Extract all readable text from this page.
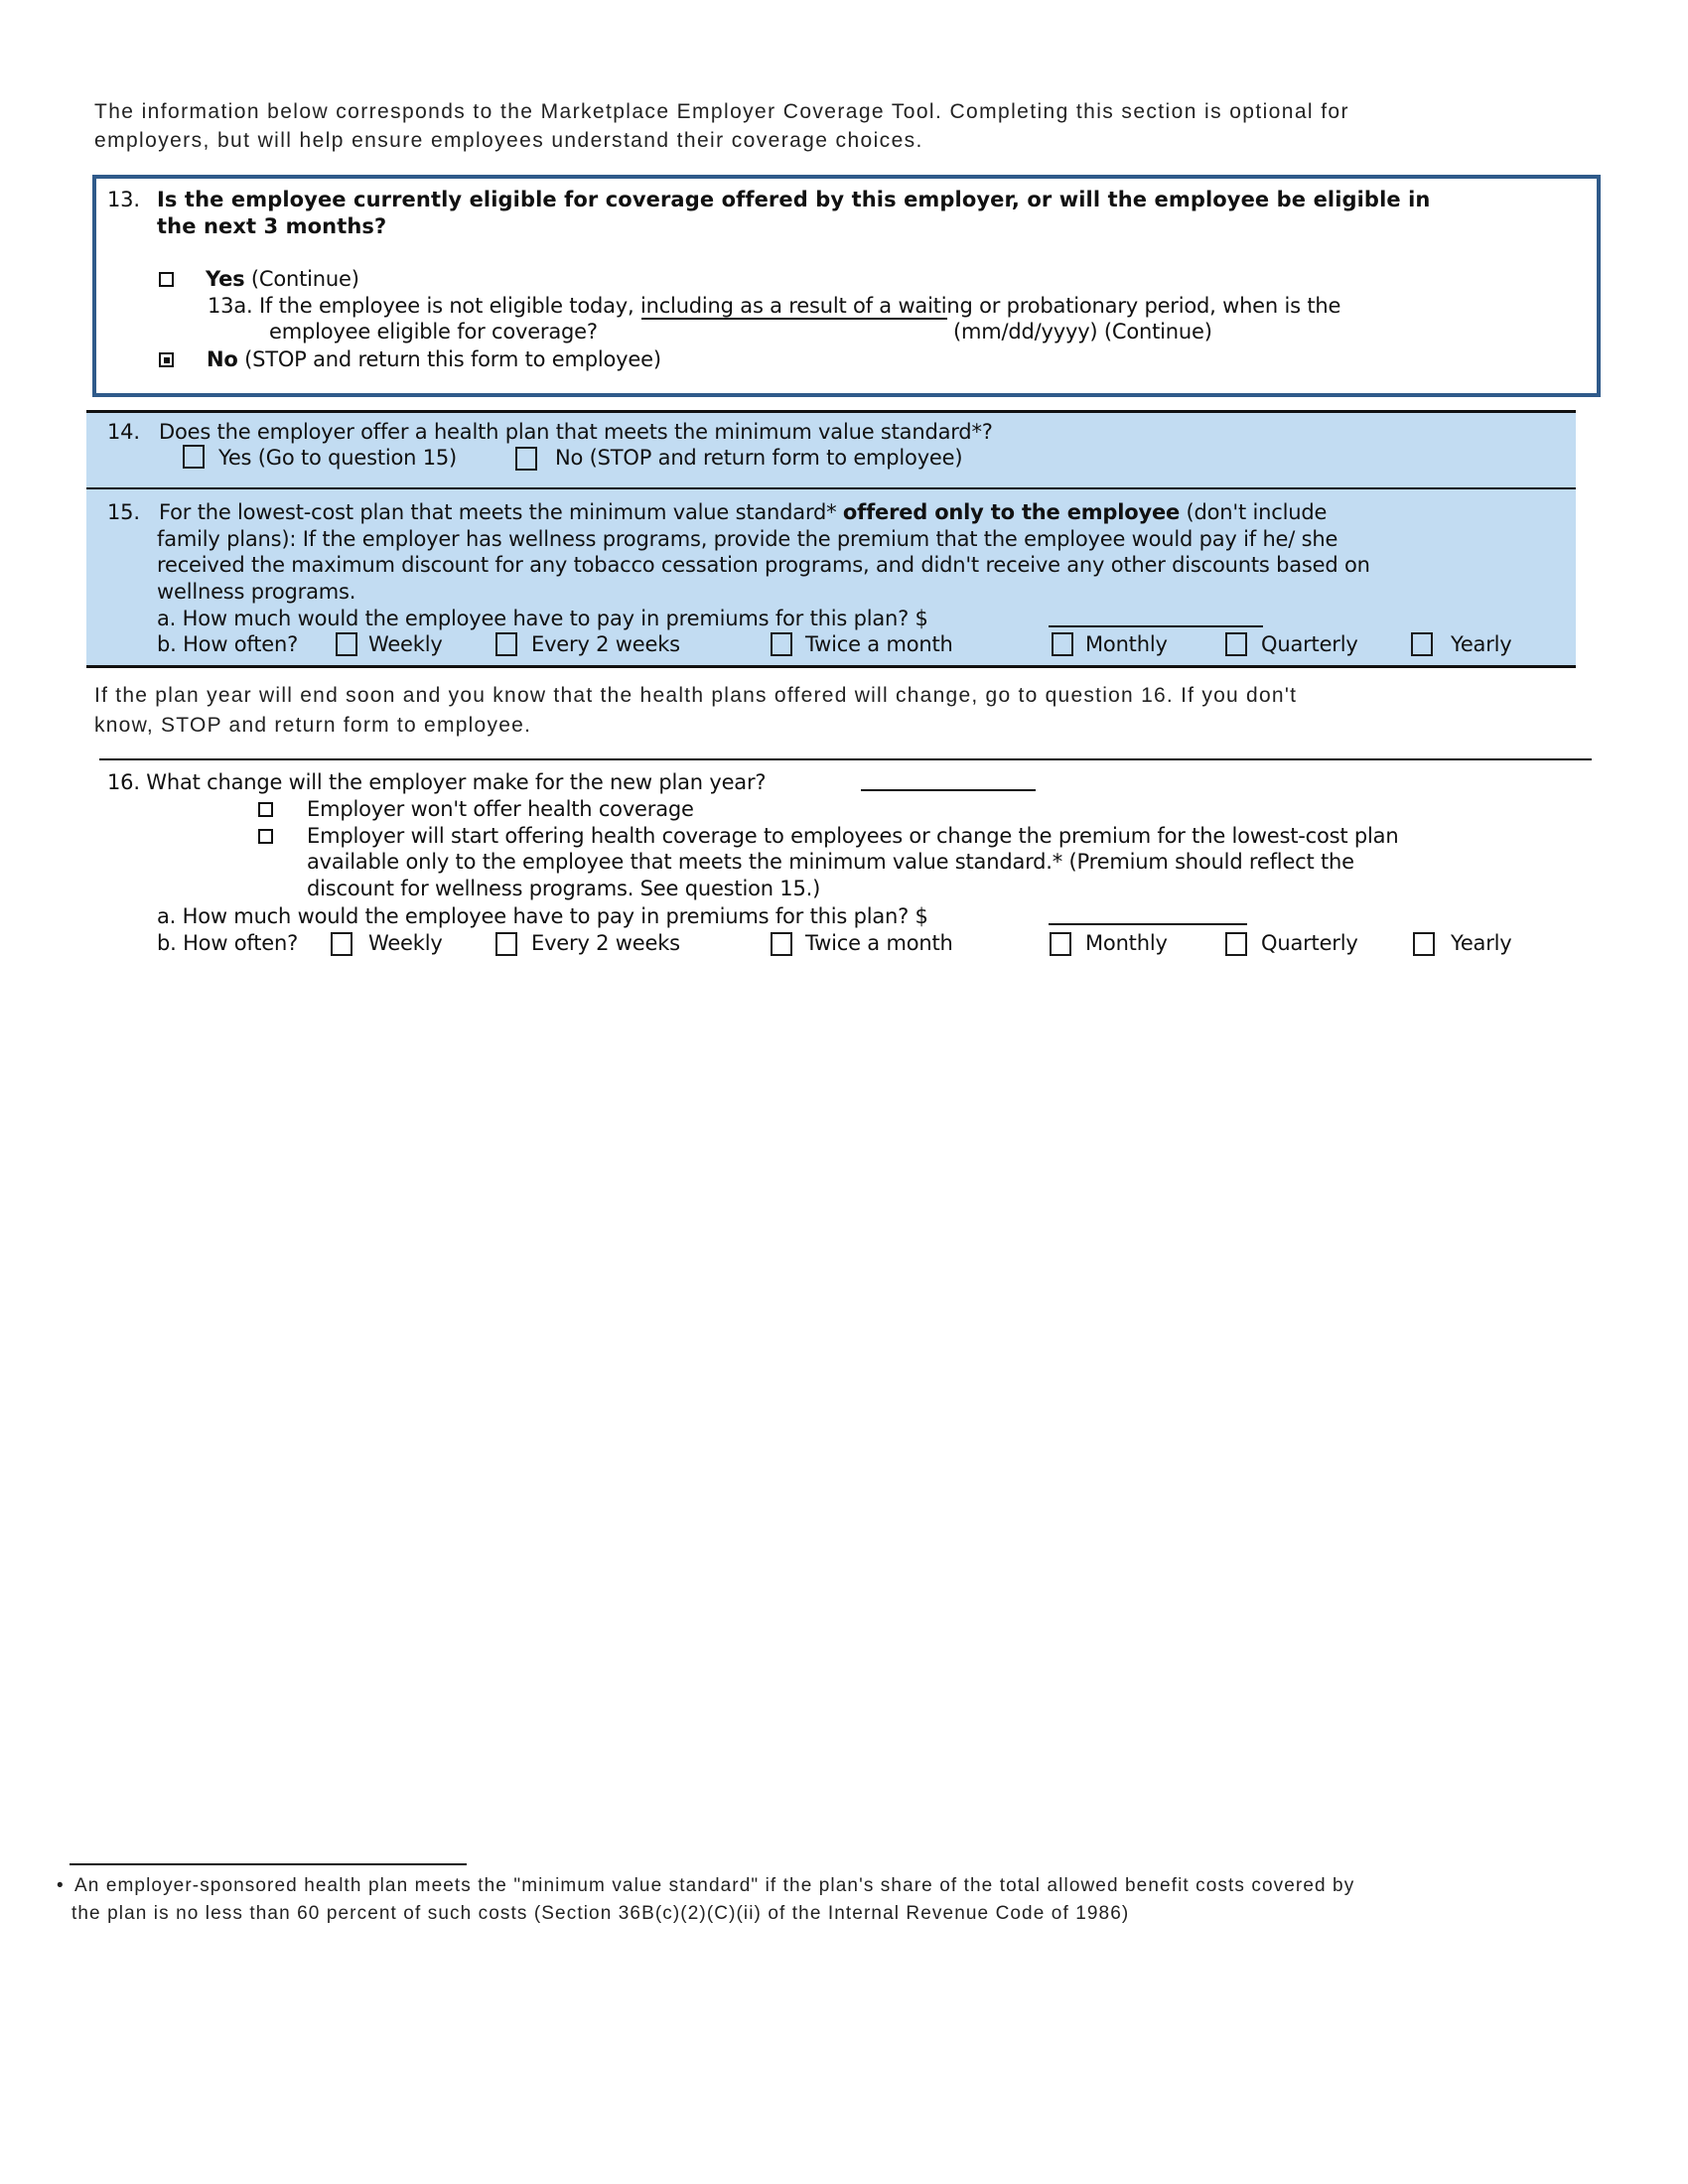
The information below corresponds to the Marketplace Employer Coverage Tool. Completing this section is optional for
employers, but will help ensure employees understand their coverage choices.
13. Is the employee currently eligible for coverage offered by this employer, or will the employee be eligible in
the next 3 months?
Yes (Continue)
13a. If the employee is not eligible today, including as a result of a waiting or probationary period, when is the
employee eligible for coverage?	(mm/dd/yyyy) (Continue)
No (STOP and return this form to employee)
14. Does the employer offer a health plan that meets the minimum value standard*?
Yes (Go to question 15)	No (STOP and return form to employee)
15. For the lowest-cost plan that meets the minimum value standard* offered only to the employee (don't include
family plans): If the employer has wellness programs, provide the premium that the employee would pay if he/ she
received the maximum discount for any tobacco cessation programs, and didn't receive any other discounts based on
wellness programs.
a. How much would the employee have to pay in premiums for this plan? $
b. How often?	Weekly	Every 2 weeks	Twice a month	Monthly	Quarterly	Yearly
If the plan year will end soon and you know that the health plans offered will change, go to question 16. If you don't
know, STOP and return form to employee.
16. What change will the employer make for the new plan year?
Employer won't offer health coverage
Employer will start offering health coverage to employees or change the premium for the lowest-cost plan
available only to the employee that meets the minimum value standard.* (Premium should reflect the
discount for wellness programs. See question 15.)
a. How much would the employee have to pay in premiums for this plan? $
b. How often?	Weekly	Every 2 weeks	Twice a month	Monthly	Quarterly	Yearly
• An employer-sponsored health plan meets the "minimum value standard" if the plan's share of the total allowed benefit costs covered by
the plan is no less than 60 percent of such costs (Section 36B(c)(2)(C)(ii) of the Internal Revenue Code of 1986)
